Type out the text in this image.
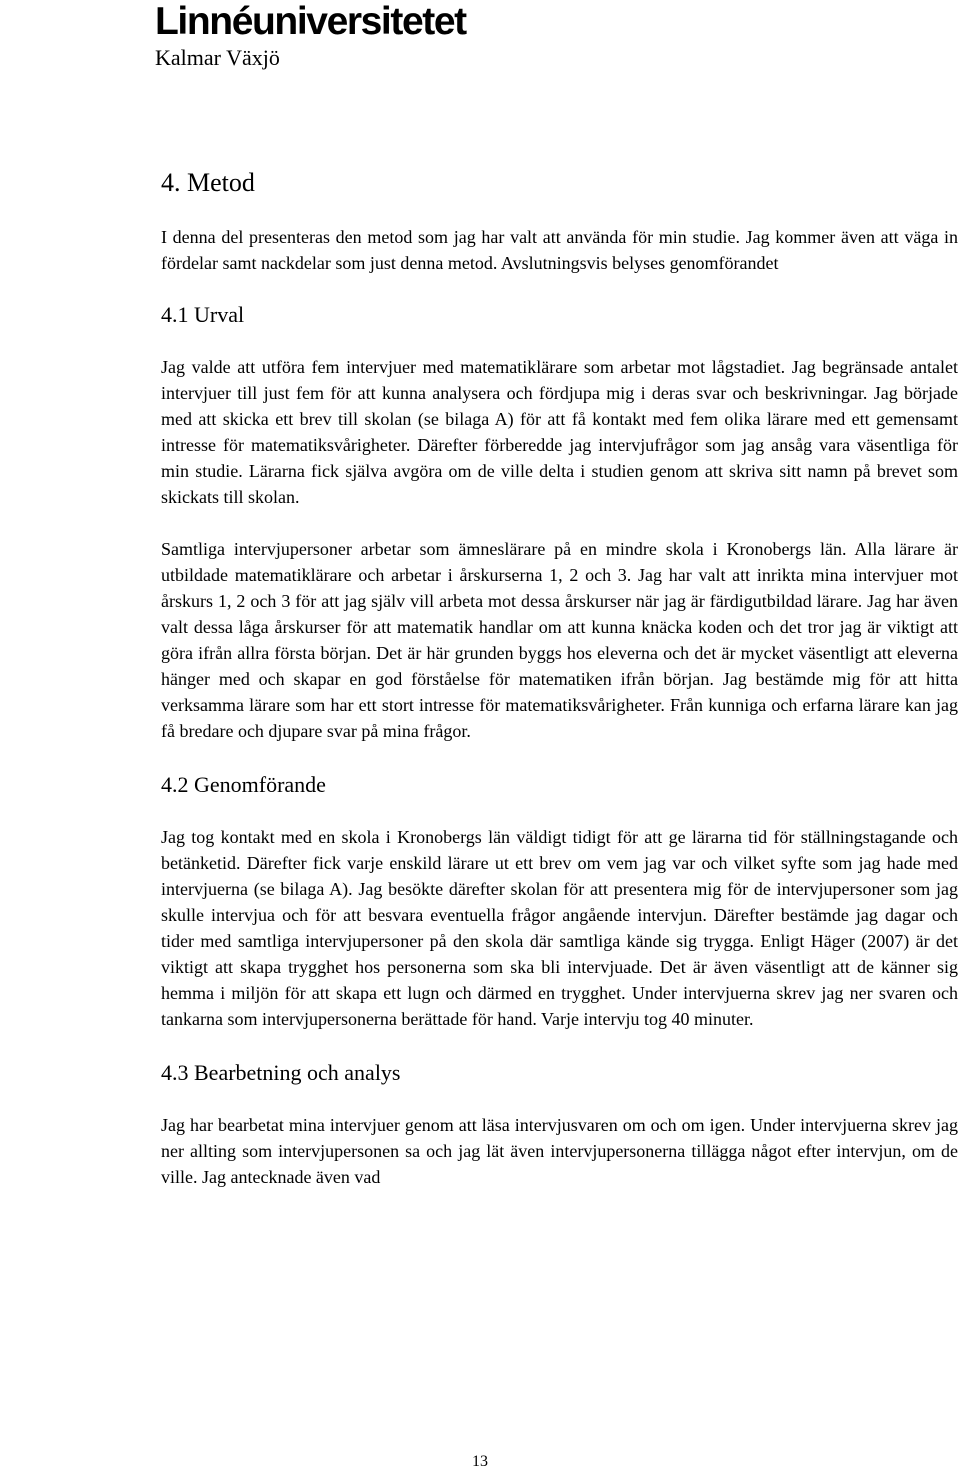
Linnéuniversitetet
Kalmar Växjö
4. Metod

I denna del presenteras den metod som jag har valt att använda för min studie. Jag kommer även att väga in fördelar samt nackdelar som just denna metod. Avslutningsvis belyses genomförandet

4.1 Urval

Jag valde att utföra fem intervjuer med matematiklärare som arbetar mot lågstadiet. Jag begränsade antalet intervjuer till just fem för att kunna analysera och fördjupa mig i deras svar och beskrivningar. Jag började med att skicka ett brev till skolan (se bilaga A) för att få kontakt med fem olika lärare med ett gemensamt intresse för matematiksvårigheter. Därefter förberedde jag intervjufrågor som jag ansåg vara väsentliga för min studie. Lärarna fick själva avgöra om de ville delta i studien genom att skriva sitt namn på brevet som skickats till skolan.

Samtliga intervjupersoner arbetar som ämneslärare på en mindre skola i Kronobergs län. Alla lärare är utbildade matematiklärare och arbetar i årskurserna 1, 2 och 3. Jag har valt att inrikta mina intervjuer mot årskurs 1, 2 och 3 för att jag själv vill arbeta mot dessa årskurser när jag är färdigutbildad lärare. Jag har även valt dessa låga årskurser för att matematik handlar om att kunna knäcka koden och det tror jag är viktigt att göra ifrån allra första början. Det är här grunden byggs hos eleverna och det är mycket väsentligt att eleverna hänger med och skapar en god förståelse för matematiken ifrån början. Jag bestämde mig för att hitta verksamma lärare som har ett stort intresse för matematiksvårigheter. Från kunniga och erfarna lärare kan jag få bredare och djupare svar på mina frågor.

4.2 Genomförande

Jag tog kontakt med en skola i Kronobergs län väldigt tidigt för att ge lärarna tid för ställningstagande och betänketid. Därefter fick varje enskild lärare ut ett brev om vem jag var och vilket syfte som jag hade med intervjuerna (se bilaga A). Jag besökte därefter skolan för att presentera mig för de intervjupersoner som jag skulle intervjua och för att besvara eventuella frågor angående intervjun. Därefter bestämde jag dagar och tider med samtliga intervjupersoner på den skola där samtliga kände sig trygga. Enligt Häger (2007) är det viktigt att skapa trygghet hos personerna som ska bli intervjuade. Det är även väsentligt att de känner sig hemma i miljön för att skapa ett lugn och därmed en trygghet. Under intervjuerna skrev jag ner svaren och tankarna som intervjupersonerna berättade för hand. Varje intervju tog 40 minuter.

4.3 Bearbetning och analys

Jag har bearbetat mina intervjuer genom att läsa intervjusvaren om och om igen. Under intervjuerna skrev jag ner allting som intervjupersonen sa och jag lät även intervjupersonerna tillägga något efter intervjun, om de ville. Jag antecknade även vad

13
